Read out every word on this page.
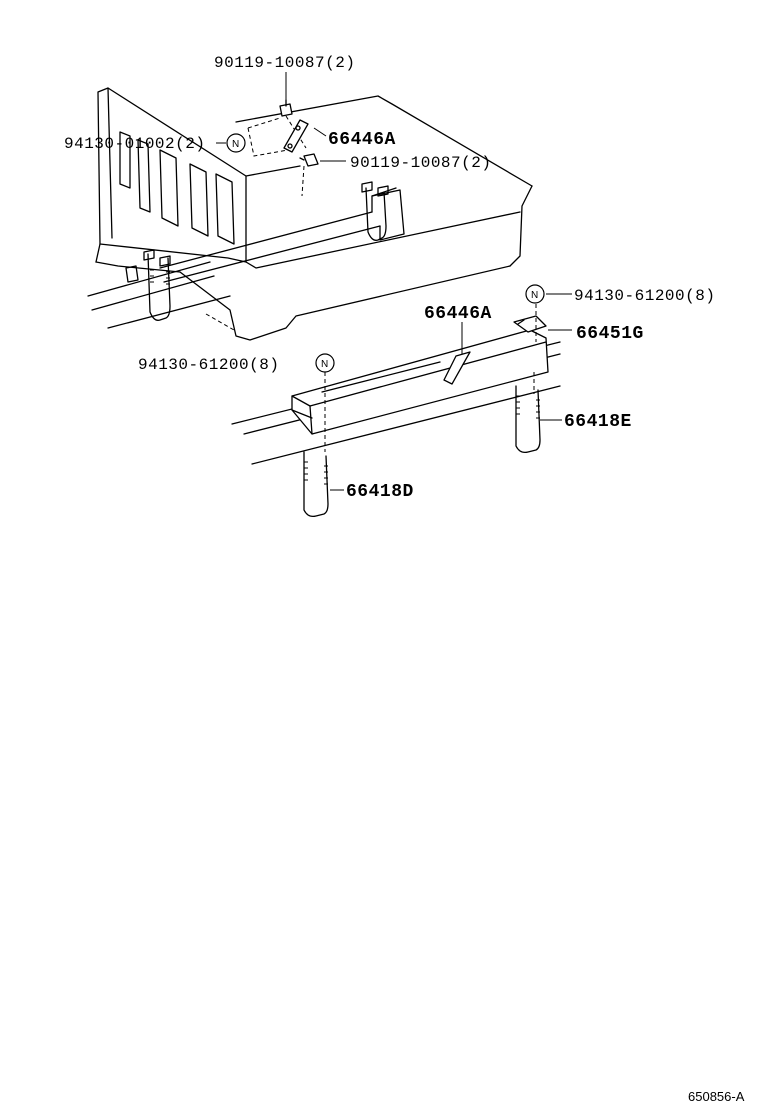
N
N
N
90119-10087(2)
94130-01002(2)	66446A
90119-10087(2)
94130-61200(8)
66446A
66451G
94130-61200(8)
66418E
66418D
650856-A
